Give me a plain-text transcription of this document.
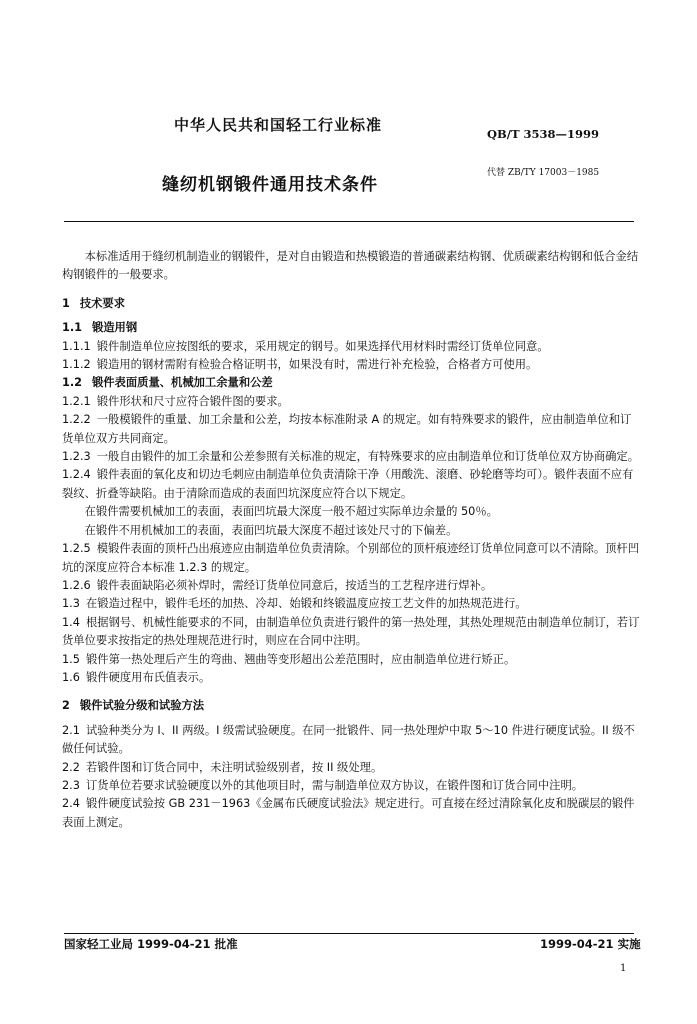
中华人民共和国轻工行业标准	QB/T 3538—1999
代替 ZB/TY 17003－1985
缝纫机钢锻件通用技术条件

本标准适用于缝纫机制造业的钢锻件，是对自由锻造和热模锻造的普通碳素结构钢、优质碳素结构钢和低合金结构钢锻件的一般要求。

1 技术要求

1.1 锻造用钢

1.1.1 锻件制造单位应按图纸的要求，采用规定的钢号。如果选择代用材料时需经订货单位同意。

1.1.2 锻造用的钢材需附有检验合格证明书，如果没有时，需进行补充检验，合格者方可使用。

1.2 锻件表面质量、机械加工余量和公差

1.2.1 锻件形状和尺寸应符合锻件图的要求。

1.2.2 一般模锻件的重量、加工余量和公差，均按本标准附录 A 的规定。如有特殊要求的锻件，应由制造单位和订货单位双方共同商定。

1.2.3 一般自由锻件的加工余量和公差参照有关标准的规定，有特殊要求的应由制造单位和订货单位双方协商确定。

1.2.4 锻件表面的氧化皮和切边毛刺应由制造单位负责清除干净（用酸洗、滚磨、砂轮磨等均可）。锻件表面不应有裂纹、折叠等缺陷。由于清除而造成的表面凹坑深度应符合以下规定。

在锻件需要机械加工的表面，表面凹坑最大深度一般不超过实际单边余量的 50％。

在锻件不用机械加工的表面，表面凹坑最大深度不超过该处尺寸的下偏差。

1.2.5 模锻件表面的顶杆凸出痕迹应由制造单位负责清除。个别部位的顶杆痕迹经订货单位同意可以不清除。顶杆凹坑的深度应符合本标准 1.2.3 的规定。

1.2.6 锻件表面缺陷必须补焊时，需经订货单位同意后，按适当的工艺程序进行焊补。

1.3 在锻造过程中，锻件毛坯的加热、冷却、始锻和终锻温度应按工艺文件的加热规范进行。

1.4 根据钢号、机械性能要求的不同，由制造单位负责进行锻件的第一热处理，其热处理规范由制造单位制订，若订货单位要求按指定的热处理规范进行时，则应在合同中注明。

1.5 锻件第一热处理后产生的弯曲、翘曲等变形超出公差范围时，应由制造单位进行矫正。

1.6 锻件硬度用布氏值表示。

2 锻件试验分级和试验方法

2.1 试验种类分为 I、II 两级。I 级需试验硬度。在同一批锻件、同一热处理炉中取 5～10 件进行硬度试验。II 级不做任何试验。

2.2 若锻件图和订货合同中，未注明试验级别者，按 II 级处理。

2.3 订货单位若要求试验硬度以外的其他项目时，需与制造单位双方协议，在锻件图和订货合同中注明。

2.4 锻件硬度试验按 GB 231－1963《金属布氏硬度试验法》规定进行。可直接在经过清除氧化皮和脱碳层的锻件表面上测定。

国家轻工业局 1999-04-21 批准	1999-04-21 实施
1
